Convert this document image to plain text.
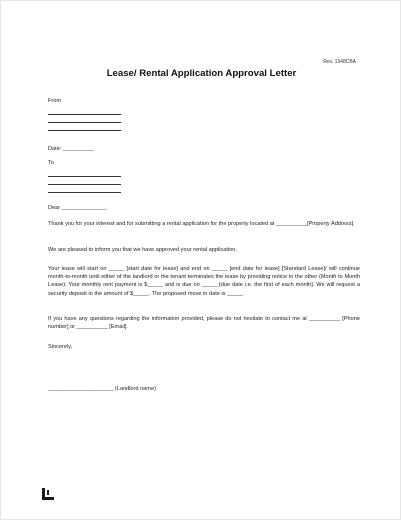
Rev. 1348CBA
Lease/ Rental Application Approval Letter
From
Date: __________
To
Dear ______________,
Thank you for your interest and for submitting a rental application for the property located at __________[Property Address].
We are pleased to inform you that we have approved your rental application.
Your lease will start on _____ [start date for lease] and end on _____ [end date for lease] [Standard Lease]/ will continue month-to-month until either of the landlord or the tenant terminates the lease by providing notice to the other (Month to Month Lease). Your monthly rent payment is $_____ and is due on _____ [due date i.e. the first of each month]. We will request a security deposit in the amount of $_____. The proposed move in date is _____.
If you have any questions regarding the information provided, please do not hesitate to contact me at __________ [Phone number] or __________ [Email].
Sincerely,
_____________________ (Landlord name)
